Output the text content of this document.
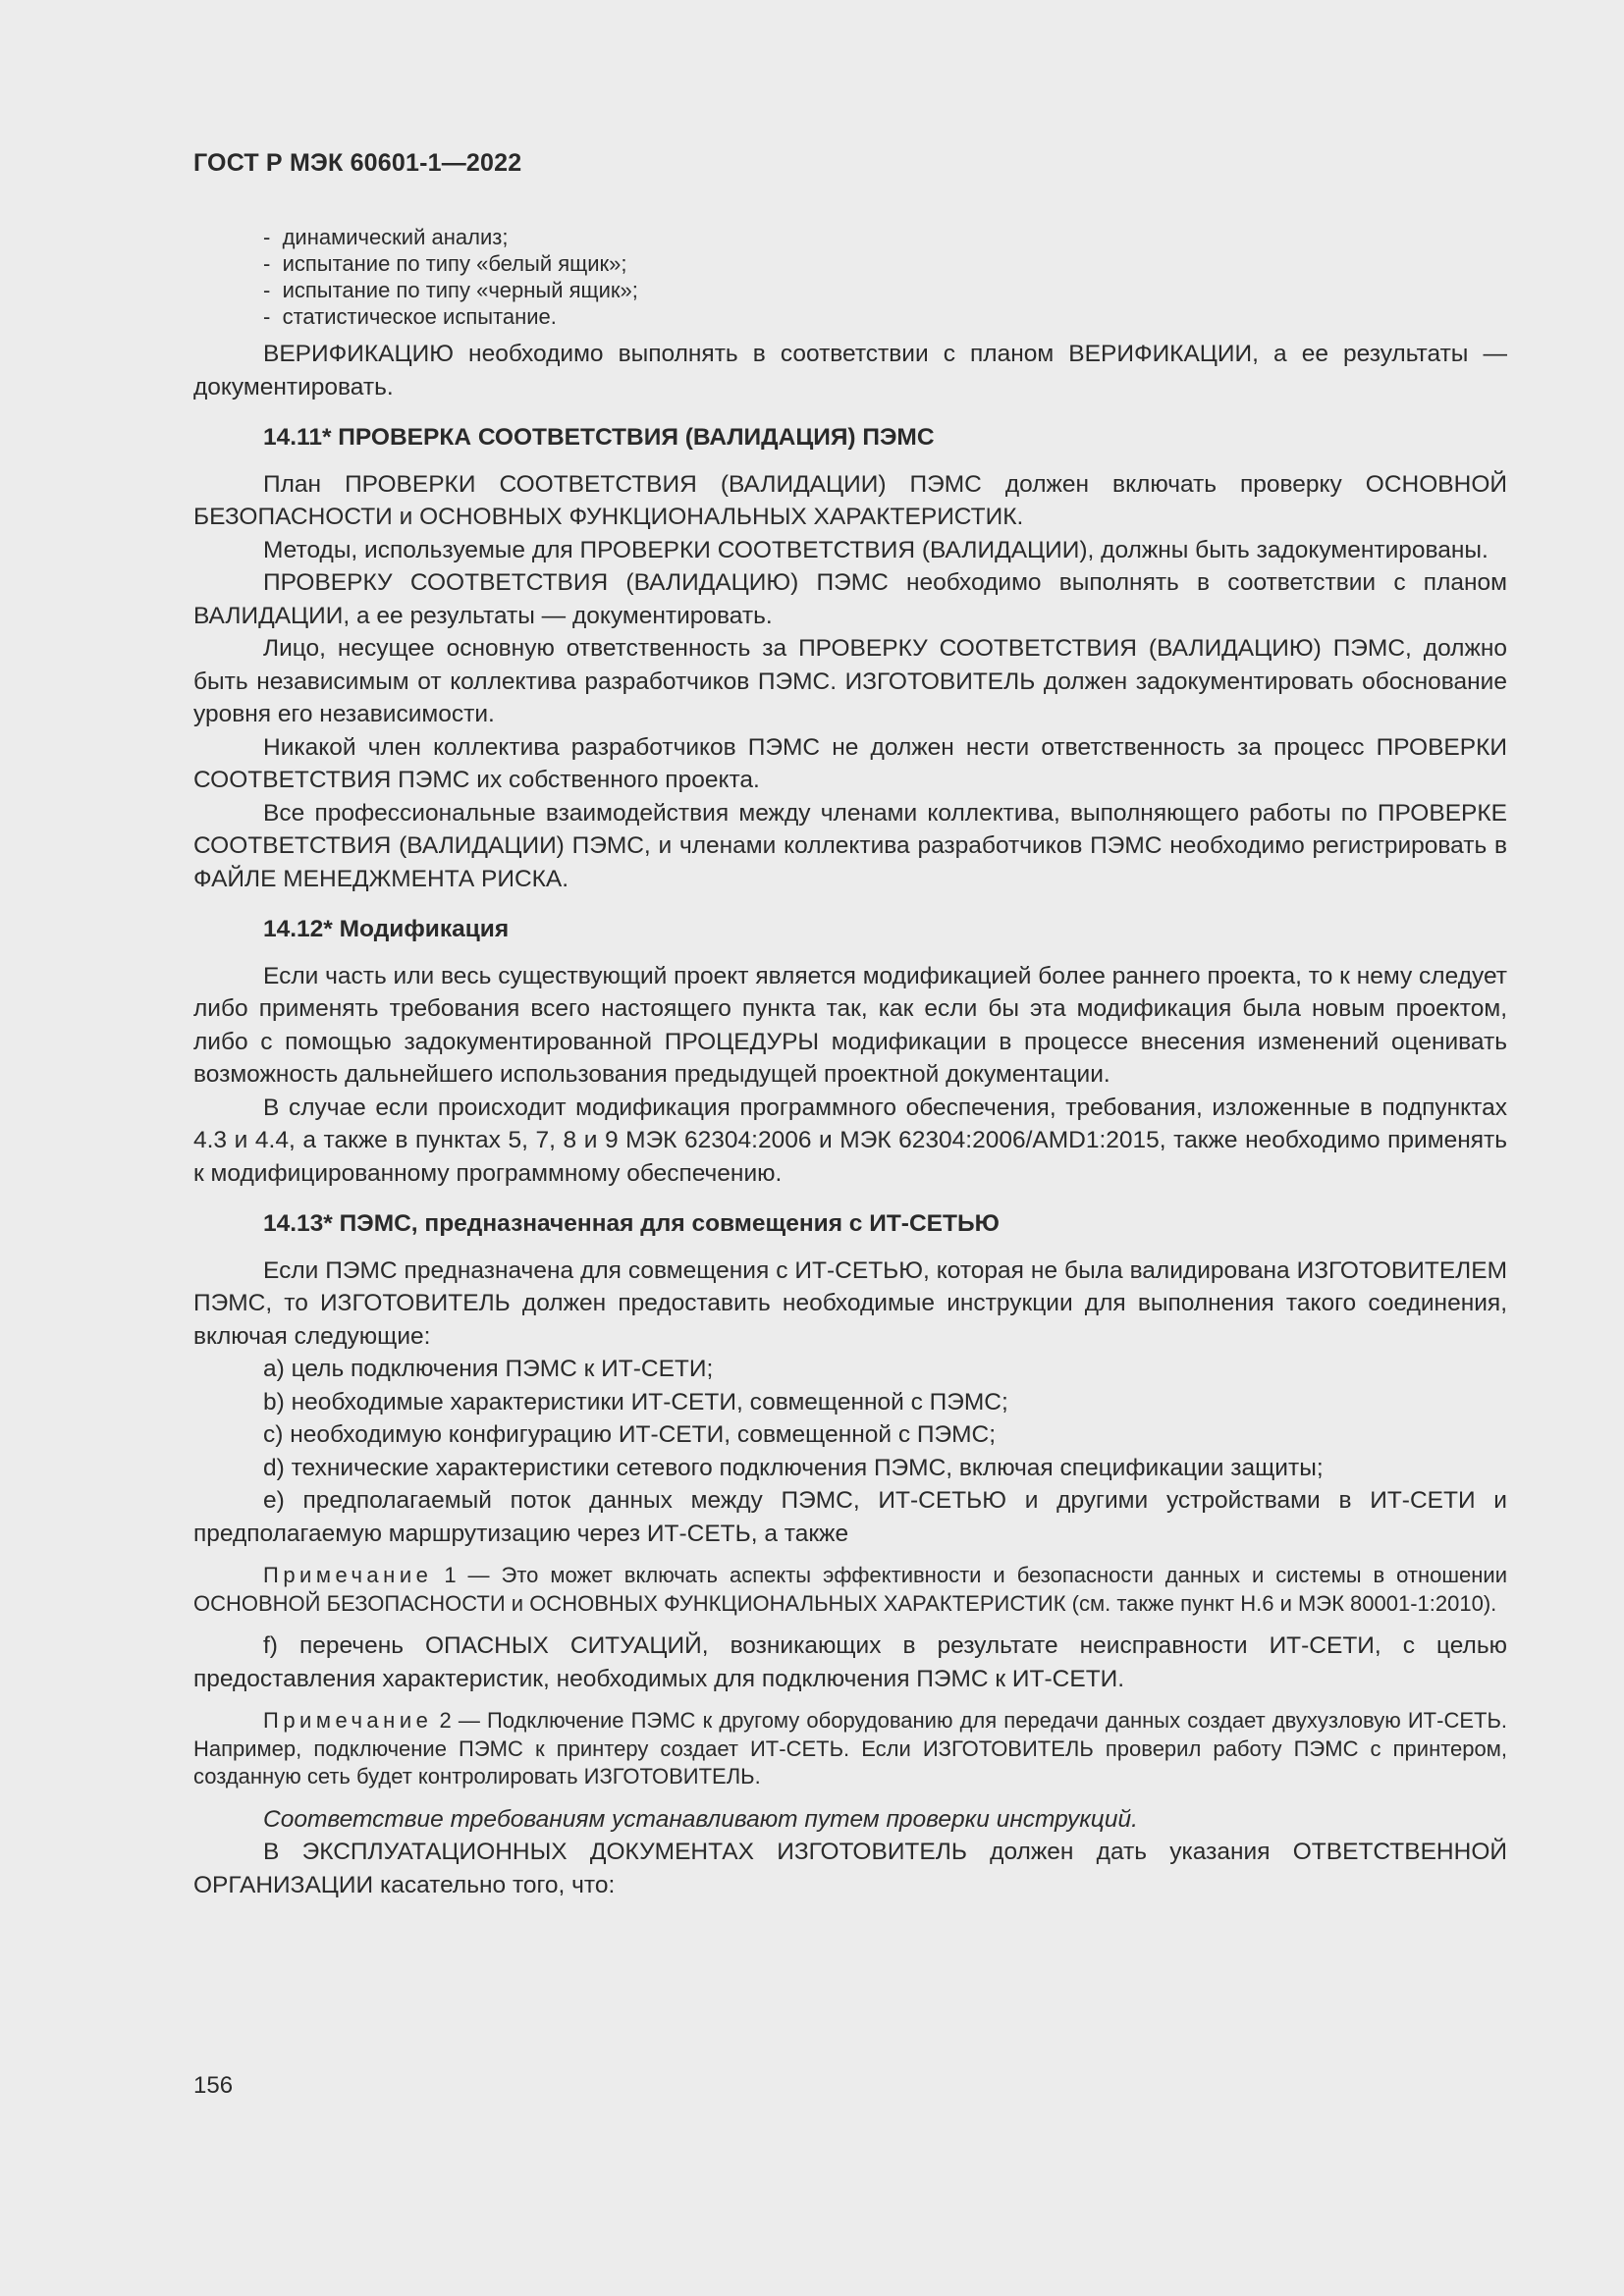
ГОСТ Р МЭК 60601-1—2022

- динамический анализ;

- испытание по типу «белый ящик»;

- испытание по типу «черный ящик»;

- статистическое испытание.

ВЕРИФИКАЦИЮ необходимо выполнять в соответствии с планом ВЕРИФИКАЦИИ, а ее результаты — документировать.

14.11* ПРОВЕРКА СООТВЕТСТВИЯ (ВАЛИДАЦИЯ) ПЭМС

План ПРОВЕРКИ СООТВЕТСТВИЯ (ВАЛИДАЦИИ) ПЭМС должен включать проверку ОСНОВНОЙ БЕЗОПАСНОСТИ и ОСНОВНЫХ ФУНКЦИОНАЛЬНЫХ ХАРАКТЕРИСТИК.

Методы, используемые для ПРОВЕРКИ СООТВЕТСТВИЯ (ВАЛИДАЦИИ), должны быть задокументированы.

ПРОВЕРКУ СООТВЕТСТВИЯ (ВАЛИДАЦИЮ) ПЭМС необходимо выполнять в соответствии с планом ВАЛИДАЦИИ, а ее результаты — документировать.

Лицо, несущее основную ответственность за ПРОВЕРКУ СООТВЕТСТВИЯ (ВАЛИДАЦИЮ) ПЭМС, должно быть независимым от коллектива разработчиков ПЭМС. ИЗГОТОВИТЕЛЬ должен задокументировать обоснование уровня его независимости.

Никакой член коллектива разработчиков ПЭМС не должен нести ответственность за процесс ПРОВЕРКИ СООТВЕТСТВИЯ ПЭМС их собственного проекта.

Все профессиональные взаимодействия между членами коллектива, выполняющего работы по ПРОВЕРКЕ СООТВЕТСТВИЯ (ВАЛИДАЦИИ) ПЭМС, и членами коллектива разработчиков ПЭМС необходимо регистрировать в ФАЙЛЕ МЕНЕДЖМЕНТА РИСКА.

14.12* Модификация

Если часть или весь существующий проект является модификацией более раннего проекта, то к нему следует либо применять требования всего настоящего пункта так, как если бы эта модификация была новым проектом, либо с помощью задокументированной ПРОЦЕДУРЫ модификации в процессе внесения изменений оценивать возможность дальнейшего использования предыдущей проектной документации.

В случае если происходит модификация программного обеспечения, требования, изложенные в подпунктах 4.3 и 4.4, а также в пунктах 5, 7, 8 и 9 МЭК 62304:2006 и МЭК 62304:2006/AMD1:2015, также необходимо применять к модифицированному программному обеспечению.

14.13* ПЭМС, предназначенная для совмещения с ИТ-СЕТЬЮ

Если ПЭМС предназначена для совмещения с ИТ-СЕТЬЮ, которая не была валидирована ИЗГОТОВИТЕЛЕМ ПЭМС, то ИЗГОТОВИТЕЛЬ должен предоставить необходимые инструкции для выполнения такого соединения, включая следующие:

a) цель подключения ПЭМС к ИТ-СЕТИ;

b) необходимые характеристики ИТ-СЕТИ, совмещенной с ПЭМС;

c) необходимую конфигурацию ИТ-СЕТИ, совмещенной с ПЭМС;

d) технические характеристики сетевого подключения ПЭМС, включая спецификации защиты;

e) предполагаемый поток данных между ПЭМС, ИТ-СЕТЬЮ и другими устройствами в ИТ-СЕТИ и предполагаемую маршрутизацию через ИТ-СЕТЬ, а также

Примечание 1 — Это может включать аспекты эффективности и безопасности данных и системы в отношении ОСНОВНОЙ БЕЗОПАСНОСТИ и ОСНОВНЫХ ФУНКЦИОНАЛЬНЫХ ХАРАКТЕРИСТИК (см. также пункт Н.6 и МЭК 80001-1:2010).

f) перечень ОПАСНЫХ СИТУАЦИЙ, возникающих в результате неисправности ИТ-СЕТИ, с целью предоставления характеристик, необходимых для подключения ПЭМС к ИТ-СЕТИ.

Примечание 2 — Подключение ПЭМС к другому оборудованию для передачи данных создает двухузловую ИТ-СЕТЬ. Например, подключение ПЭМС к принтеру создает ИТ-СЕТЬ. Если ИЗГОТОВИТЕЛЬ проверил работу ПЭМС с принтером, созданную сеть будет контролировать ИЗГОТОВИТЕЛЬ.

Соответствие требованиям устанавливают путем проверки инструкций.

В ЭКСПЛУАТАЦИОННЫХ ДОКУМЕНТАХ ИЗГОТОВИТЕЛЬ должен дать указания ОТВЕТСТВЕННОЙ ОРГАНИЗАЦИИ касательно того, что:

156
